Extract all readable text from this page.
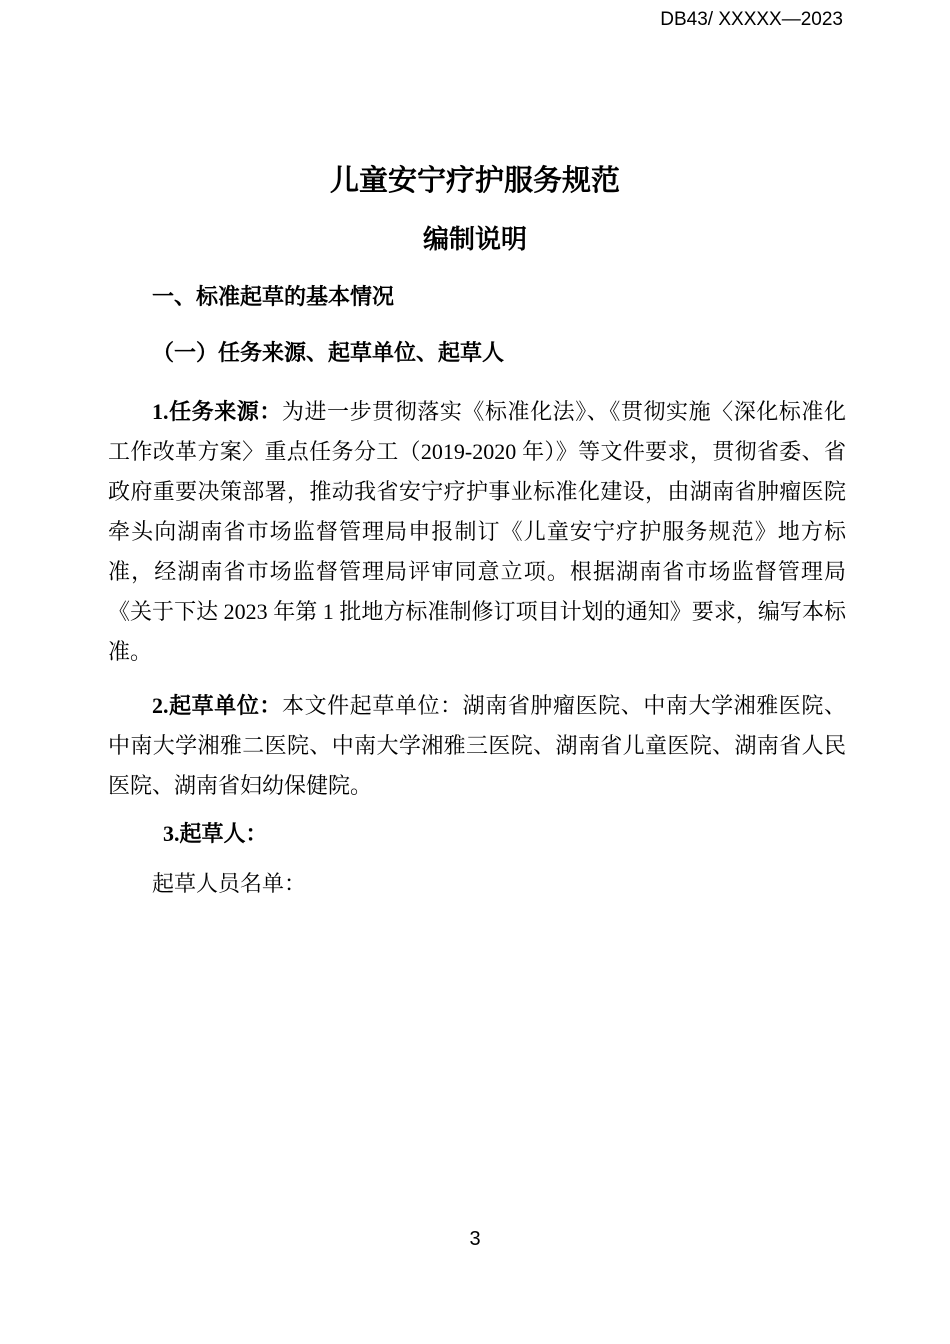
DB43/ XXXXX—2023
儿童安宁疗护服务规范
编制说明
一、标准起草的基本情况
（一）任务来源、起草单位、起草人

1.任务来源：为进一步贯彻落实《标准化法》、《贯彻实施〈深化标准化工作改革方案〉重点任务分工（2019-2020 年）》等文件要求，贯彻省委、省政府重要决策部署，推动我省安宁疗护事业标准化建设，由湖南省肿瘤医院牵头向湖南省市场监督管理局申报制订《儿童安宁疗护服务规范》地方标准，经湖南省市场监督管理局评审同意立项。根据湖南省市场监督管理局《关于下达 2023 年第 1 批地方标准制修订项目计划的通知》要求，编写本标准。

2.起草单位：本文件起草单位：湖南省肿瘤医院、中南大学湘雅医院、中南大学湘雅二医院、中南大学湘雅三医院、湖南省儿童医院、湖南省人民医院、湖南省妇幼保健院。

3.起草人：

起草人员名单：

3
